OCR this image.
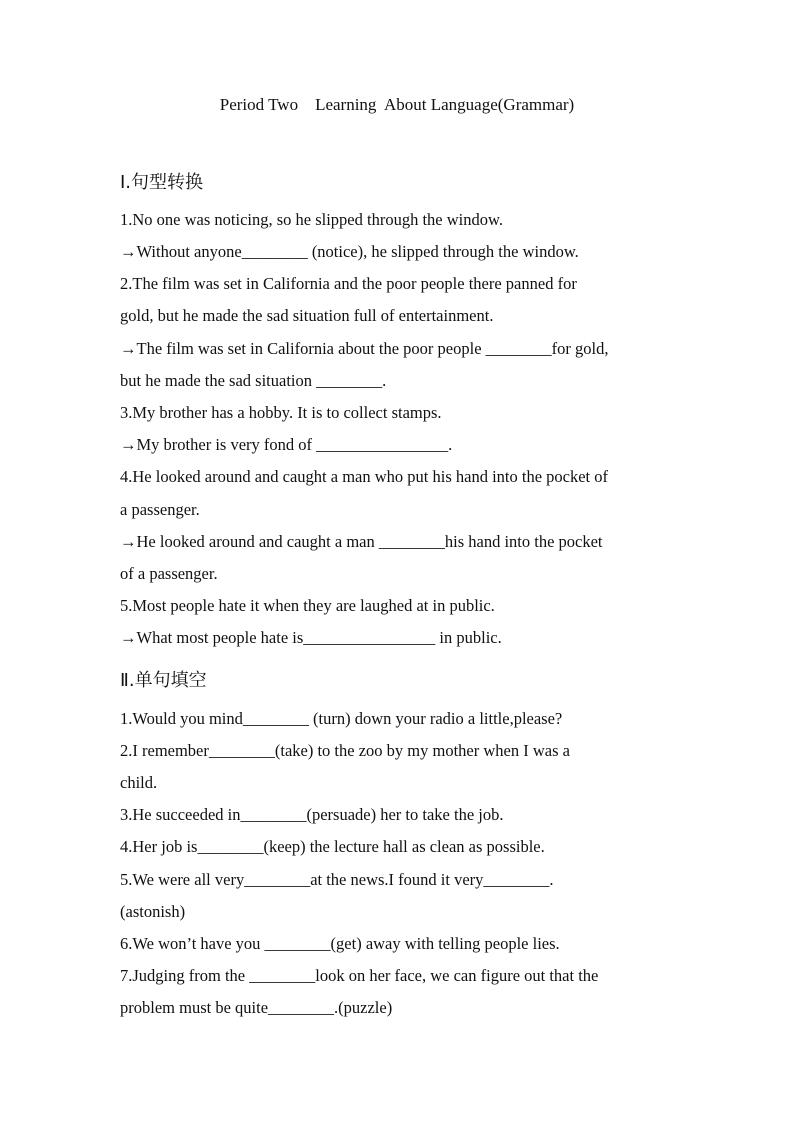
Period Two    Learning  About Language(Grammar)
Ⅰ.句型转换
1.No one was noticing, so he slipped through the window.
→Without anyone________ (notice), he slipped through the window.
2.The film was set in California and the poor people there panned for
gold, but he made the sad situation full of entertainment.
→The film was set in California about the poor people ________for gold,
but he made the sad situation ________.
3.My brother has a hobby. It is to collect stamps.
→My brother is very fond of ________________.
4.He looked around and caught a man who put his hand into the pocket of
a passenger.
→He looked around and caught a man ________his hand into the pocket
of a passenger.
5.Most people hate it when they are laughed at in public.
→What most people hate is________________ in public.
Ⅱ.单句填空
1.Would you mind________ (turn) down your radio a little,please?
2.I remember________(take) to the zoo by my mother when I was a
child.
3.He succeeded in________(persuade) her to take the job.
4.Her job is________(keep) the lecture hall as clean as possible.
5.We were all very________at the news.I found it very________.
(astonish)
6.We won’t have you ________(get) away with telling people lies.
7.Judging from the ________look on her face, we can figure out that the
problem must be quite________.(puzzle)
